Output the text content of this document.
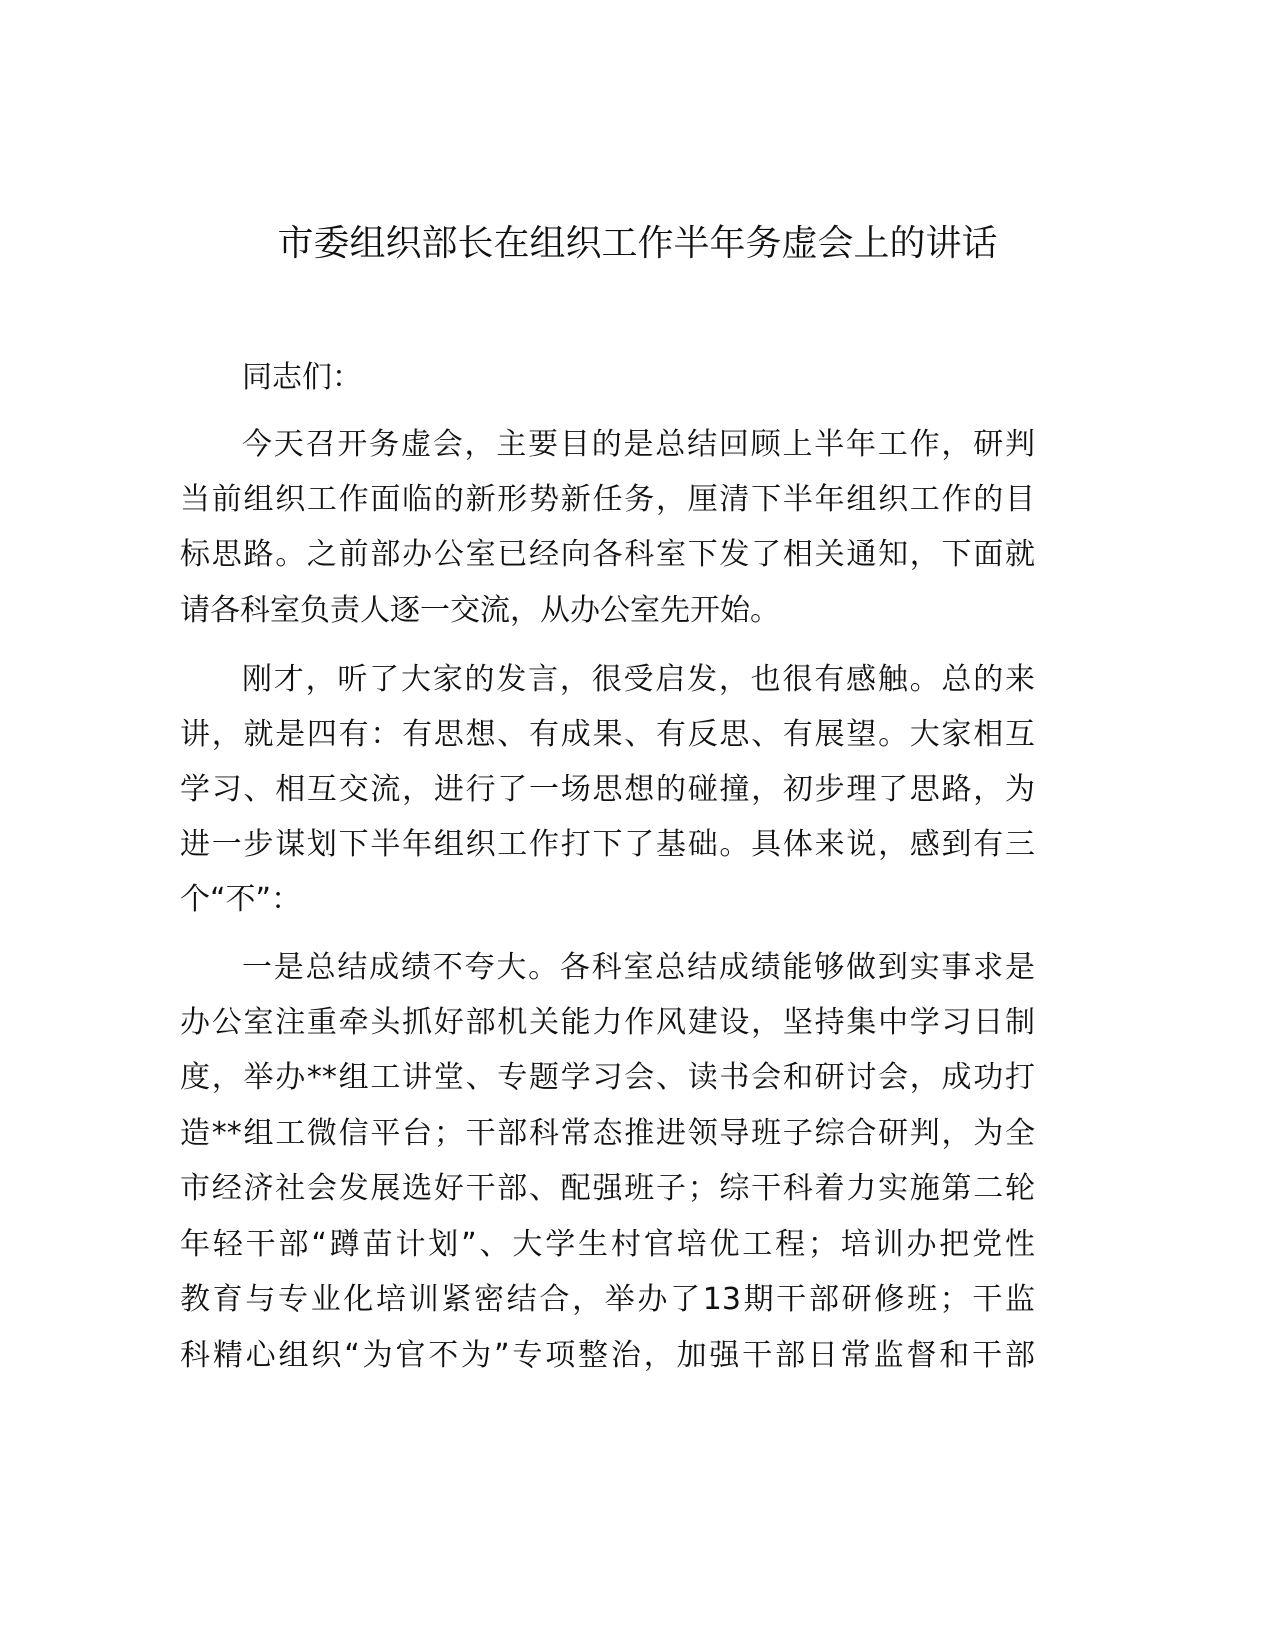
市委组织部长在组织工作半年务虚会上的讲话
同志们：
今天召开务虚会，主要目的是总结回顾上半年工作，研判
当前组织工作面临的新形势新任务，厘清下半年组织工作的目
标思路。之前部办公室已经向各科室下发了相关通知，下面就
请各科室负责人逐一交流，从办公室先开始。
刚才，听了大家的发言，很受启发，也很有感触。总的来
讲，就是四有：有思想、有成果、有反思、有展望。大家相互
学习、相互交流，进行了一场思想的碰撞，初步理了思路，为
进一步谋划下半年组织工作打下了基础。具体来说，感到有三
个“不”：
一是总结成绩不夸大。各科室总结成绩能够做到实事求是
办公室注重牵头抓好部机关能力作风建设，坚持集中学习日制
度，举办**组工讲堂、专题学习会、读书会和研讨会，成功打
造**组工微信平台；干部科常态推进领导班子综合研判，为全
市经济社会发展选好干部、配强班子；综干科着力实施第二轮
年轻干部“蹲苗计划”、大学生村官培优工程；培训办把党性
教育与专业化培训紧密结合，举办了13期干部研修班；干监
科精心组织“为官不为”专项整治，加强干部日常监督和干部
